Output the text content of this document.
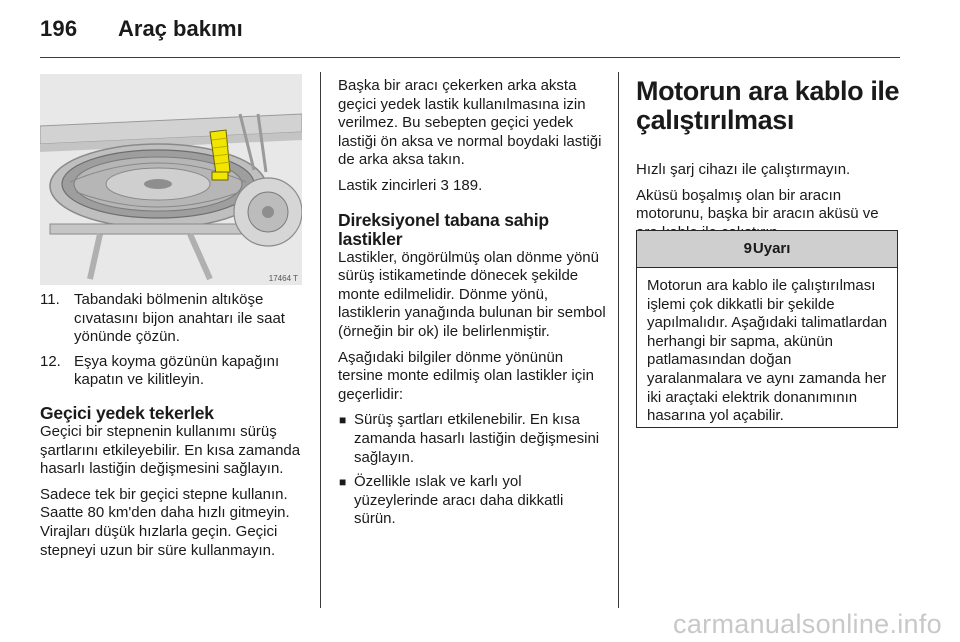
196 Araç bakımı
17464 T
11. Tabandaki bölmenin altıköşe cıvatasını bijon anahtarı ile saat yönünde çözün.
12. Eşya koyma gözünün kapağını kapatın ve kilitleyin.
Geçici yedek tekerlek

Geçici bir stepnenin kullanımı sürüş şartlarını etkileyebilir. En kısa zamanda hasarlı lastiğin değişmesini sağlayın.

Sadece tek bir geçici stepne kullanın. Saatte 80 km'den daha hızlı gitmeyin. Virajları düşük hızlarla geçin. Geçici stepneyi uzun bir süre kullanmayın.

Başka bir aracı çekerken arka aksta geçici yedek lastik kullanılmasına izin verilmez. Bu sebepten geçici yedek lastiği ön aksa ve normal boydaki lastiği de arka aksa takın.

Lastik zincirleri 3 189.

Direksiyonel tabana sahip lastikler

Lastikler, öngörülmüş olan dönme yönü sürüş istikametinde dönecek şekilde monte edilmelidir. Dönme yönü, lastiklerin yanağında bulunan bir sembol (örneğin bir ok) ile belirlenmiştir.

Aşağıdaki bilgiler dönme yönünün tersine monte edilmiş olan lastikler için geçerlidir:

■ Sürüş şartları etkilenebilir. En kısa zamanda hasarlı lastiğin değişmesini sağlayın.
■ Özellikle ıslak ve karlı yol yüzeylerinde aracı daha dikkatli sürün.
Motorun ara kablo ile çalıştırılması

Hızlı şarj cihazı ile çalıştırmayın.

Aküsü boşalmış olan bir aracın motorunu, başka bir aracın aküsü ve

9Uyarı
Motorun ara kablo ile çalıştırılması işlemi çok dikkatli bir şekilde yapılmalıdır. Aşağıdaki talimatlardan herhangi bir sapma, akünün patlamasından doğan yaralanmalara ve aynı zamanda her iki araçtaki elektrik donanımının hasarına yol açabilir.
carmanualsonline.info
